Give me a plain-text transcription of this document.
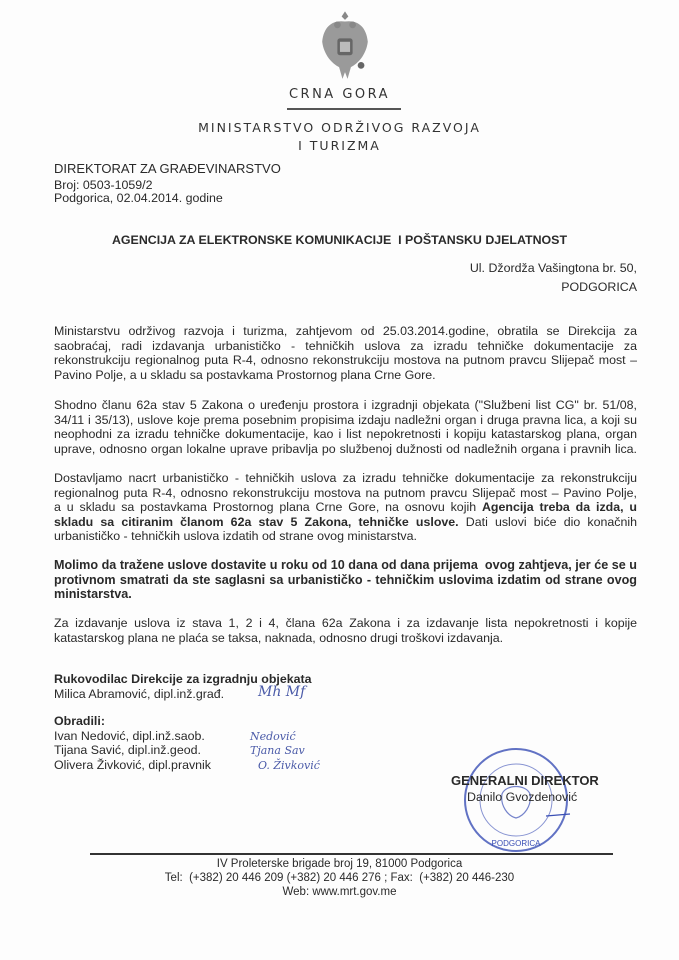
CRNA GORA
MINISTARSTVO ODRŽIVOG RAZVOJA
I TURIZMA
DIREKTORAT ZA GRAĐEVINARSTVO
Broj: 0503-1059/2
Podgorica, 02.04.2014. godine
AGENCIJA ZA ELEKTRONSKE KOMUNIKACIJE  I POŠTANSKU DJELATNOST
Ul. Džordža Vašingtona br. 50,
PODGORICA
Ministarstvu održivog razvoja i turizma, zahtjevom od 25.03.2014.godine, obratila se Direkcija za
saobraćaj, radi izdavanja urbanističko - tehničkih uslova za izradu tehničke dokumentacije za
rekonstrukciju regionalnog puta R-4, odnosno rekonstrukciju mostova na putnom pravcu Slijepač most –
Pavino Polje, a u skladu sa postavkama Prostornog plana Crne Gore.
Shodno članu 62a stav 5 Zakona o uređenju prostora i izgradnji objekata ("Službeni list CG" br. 51/08,
34/11 i 35/13), uslove koje prema posebnim propisima izdaju nadležni organ i druga pravna lica, a koji su
neophodni za izradu tehničke dokumentacije, kao i list nepokretnosti i kopiju katastarskog plana, organ
uprave, odnosno organ lokalne uprave pribavlja po službenoj dužnosti od nadležnih organa i pravnih lica.
Dostavljamo nacrt urbanističko - tehničkih uslova za izradu tehničke dokumentacije za rekonstrukciju
regionalnog puta R-4, odnosno rekonstrukciju mostova na putnom pravcu Slijepač most – Pavino Polje,
a u skladu sa postavkama Prostornog plana Crne Gore, na osnovu kojih Agencija treba da izda, u
skladu sa citiranim članom 62a stav 5 Zakona, tehničke uslove. Dati uslovi biće dio konačnih
urbanističko - tehničkih uslova izdatih od strane ovog ministarstva.
Molimo da tražene uslove dostavite u roku od 10 dana od dana prijema  ovog zahtjeva, jer će se u
protivnom smatrati da ste saglasni sa urbanističko - tehničkim uslovima izdatim od strane ovog
ministarstva.
Za izdavanje uslova iz stava 1, 2 i 4, člana 62a Zakona i za izdavanje lista nepokretnosti i kopije
katastarskog plana ne plaća se taksa, naknada, odnosno drugi troškovi izdavanja.
Rukovodilac Direkcije za izgradnju objekata
Milica Abramović, dipl.inž.građ. Mh Mf
Obradili:
Ivan Nedović, dipl.inž.saob.
Tijana Savić, dipl.inž.geod.
Olivera Živković, dipl.pravnik
Nedović
Tjana Sav
O. Živković
PODGORICA
GENERALNI DIREKTOR
Danilo Gvozdenović
IV Proleterske brigade broj 19, 81000 Podgorica
Tel:  (+382) 20 446 209 (+382) 20 446 276 ; Fax:  (+382) 20 446-230
Web: www.mrt.gov.me
